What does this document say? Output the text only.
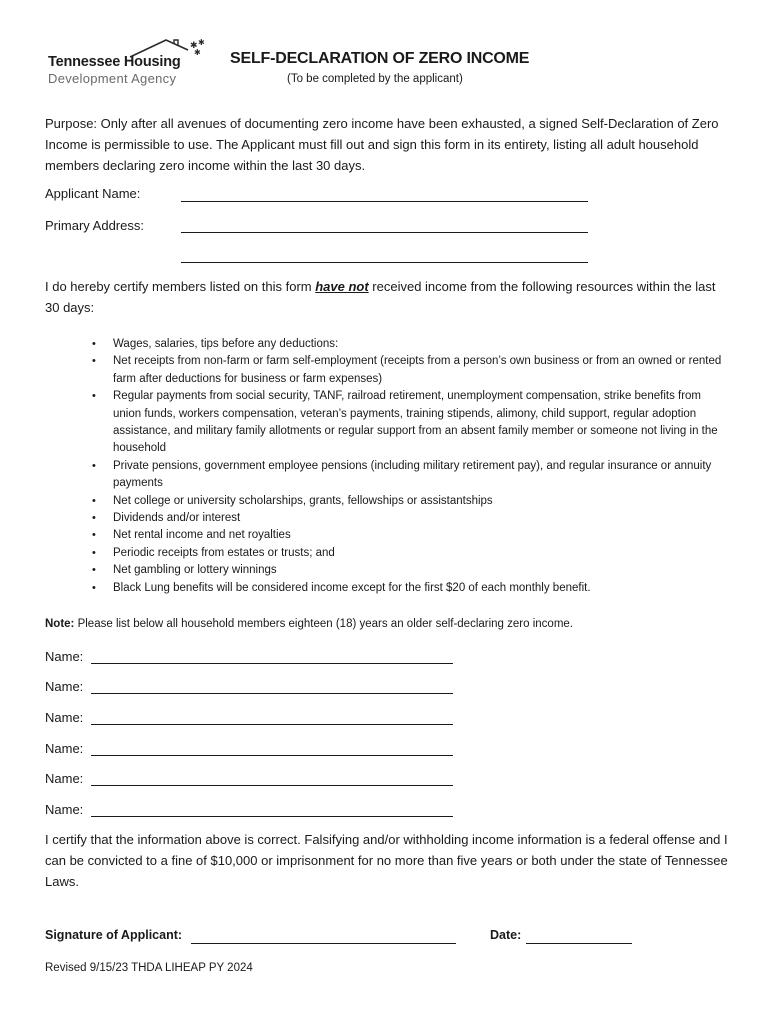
✱ ✱
✱
Tennessee Housing
Development Agency
SELF-DECLARATION OF ZERO INCOME
(To be completed by the applicant)
Purpose: Only after all avenues of documenting zero income have been exhausted, a signed Self-Declaration of Zero Income is permissible to use. The Applicant must fill out and sign this form in its entirety, listing all adult household members declaring zero income within the last 30 days.
Applicant Name:
Primary Address:
I do hereby certify members listed on this form have not received income from the following resources within the last 30 days:
• Wages, salaries, tips before any deductions:
• Net receipts from non-farm or farm self-employment (receipts from a person’s own business or from an owned or rented farm after deductions for business or farm expenses)
• Regular payments from social security, TANF, railroad retirement, unemployment compensation, strike benefits from union funds, workers compensation, veteran’s payments, training stipends, alimony, child support, regular adoption assistance, and military family allotments or regular support from an absent family member or someone not living in the household
• Private pensions, government employee pensions (including military retirement pay), and regular insurance or annuity payments
• Net college or university scholarships, grants, fellowships or assistantships
• Dividends and/or interest
• Net rental income and net royalties
• Periodic receipts from estates or trusts; and
• Net gambling or lottery winnings
• Black Lung benefits will be considered income except for the first $20 of each monthly benefit.
Note: Please list below all household members eighteen (18) years an older self-declaring zero income.
Name:
Name:
Name:
Name:
Name:
Name:
I certify that the information above is correct. Falsifying and/or withholding income information is a federal offense and I can be convicted to a fine of $10,000 or imprisonment for no more than five years or both under the state of Tennessee Laws.
Signature of Applicant:	Date:
Revised 9/15/23 THDA LIHEAP PY 2024
